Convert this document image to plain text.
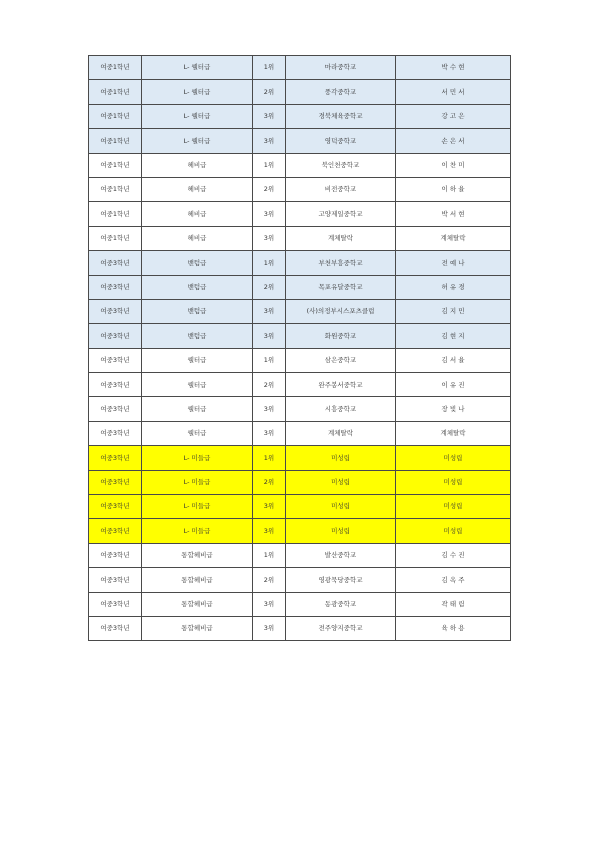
여중1학년	L- 웰터급	1위	마라중학교	박 수 현
여중1학년	L- 웰터급	2위	풍각중학교	서 민 서
여중1학년	L- 웰터급	3위	경북체육중학교	강 고 은
여중1학년	L- 웰터급	3위	영덕중학교	손 은 서
여중1학년	헤비급	1위	북인천중학교	이 찬 미
여중1학년	헤비급	2위	비전중학교	이 하 율
여중1학년	헤비급	3위	고양제일중학교	박 서 현
여중1학년	헤비급	3위	계체탈락	계체탈락
여중3학년	밴텀급	1위	부천부흥중학교	전 예 나
여중3학년	밴텀급	2위	목포유달중학교	허 유 경
여중3학년	밴텀급	3위	(사)의정부시스포츠클럽	김 지 민
여중3학년	밴텀급	3위	화원중학교	김 현 지
여중3학년	웰터급	1위	삼은중학교	김 서 율
여중3학년	웰터급	2위	완주봉서중학교	이 유 진
여중3학년	웰터급	3위	시흥중학교	장 빛 나
여중3학년	웰터급	3위	계체탈락	계체탈락
여중3학년	L- 미들급	1위	미성립	미성립
여중3학년	L- 미들급	2위	미성립	미성립
여중3학년	L- 미들급	3위	미성립	미성립
여중3학년	L- 미들급	3위	미성립	미성립
여중3학년	통합헤비급	1위	발산중학교	김 수 진
여중3학년	통합헤비급	2위	영광묵당중학교	김 옥 주
여중3학년	통합헤비급	3위	동광중학교	곽 태 림
여중3학년	통합헤비급	3위	전주양지중학교	육 하 용
